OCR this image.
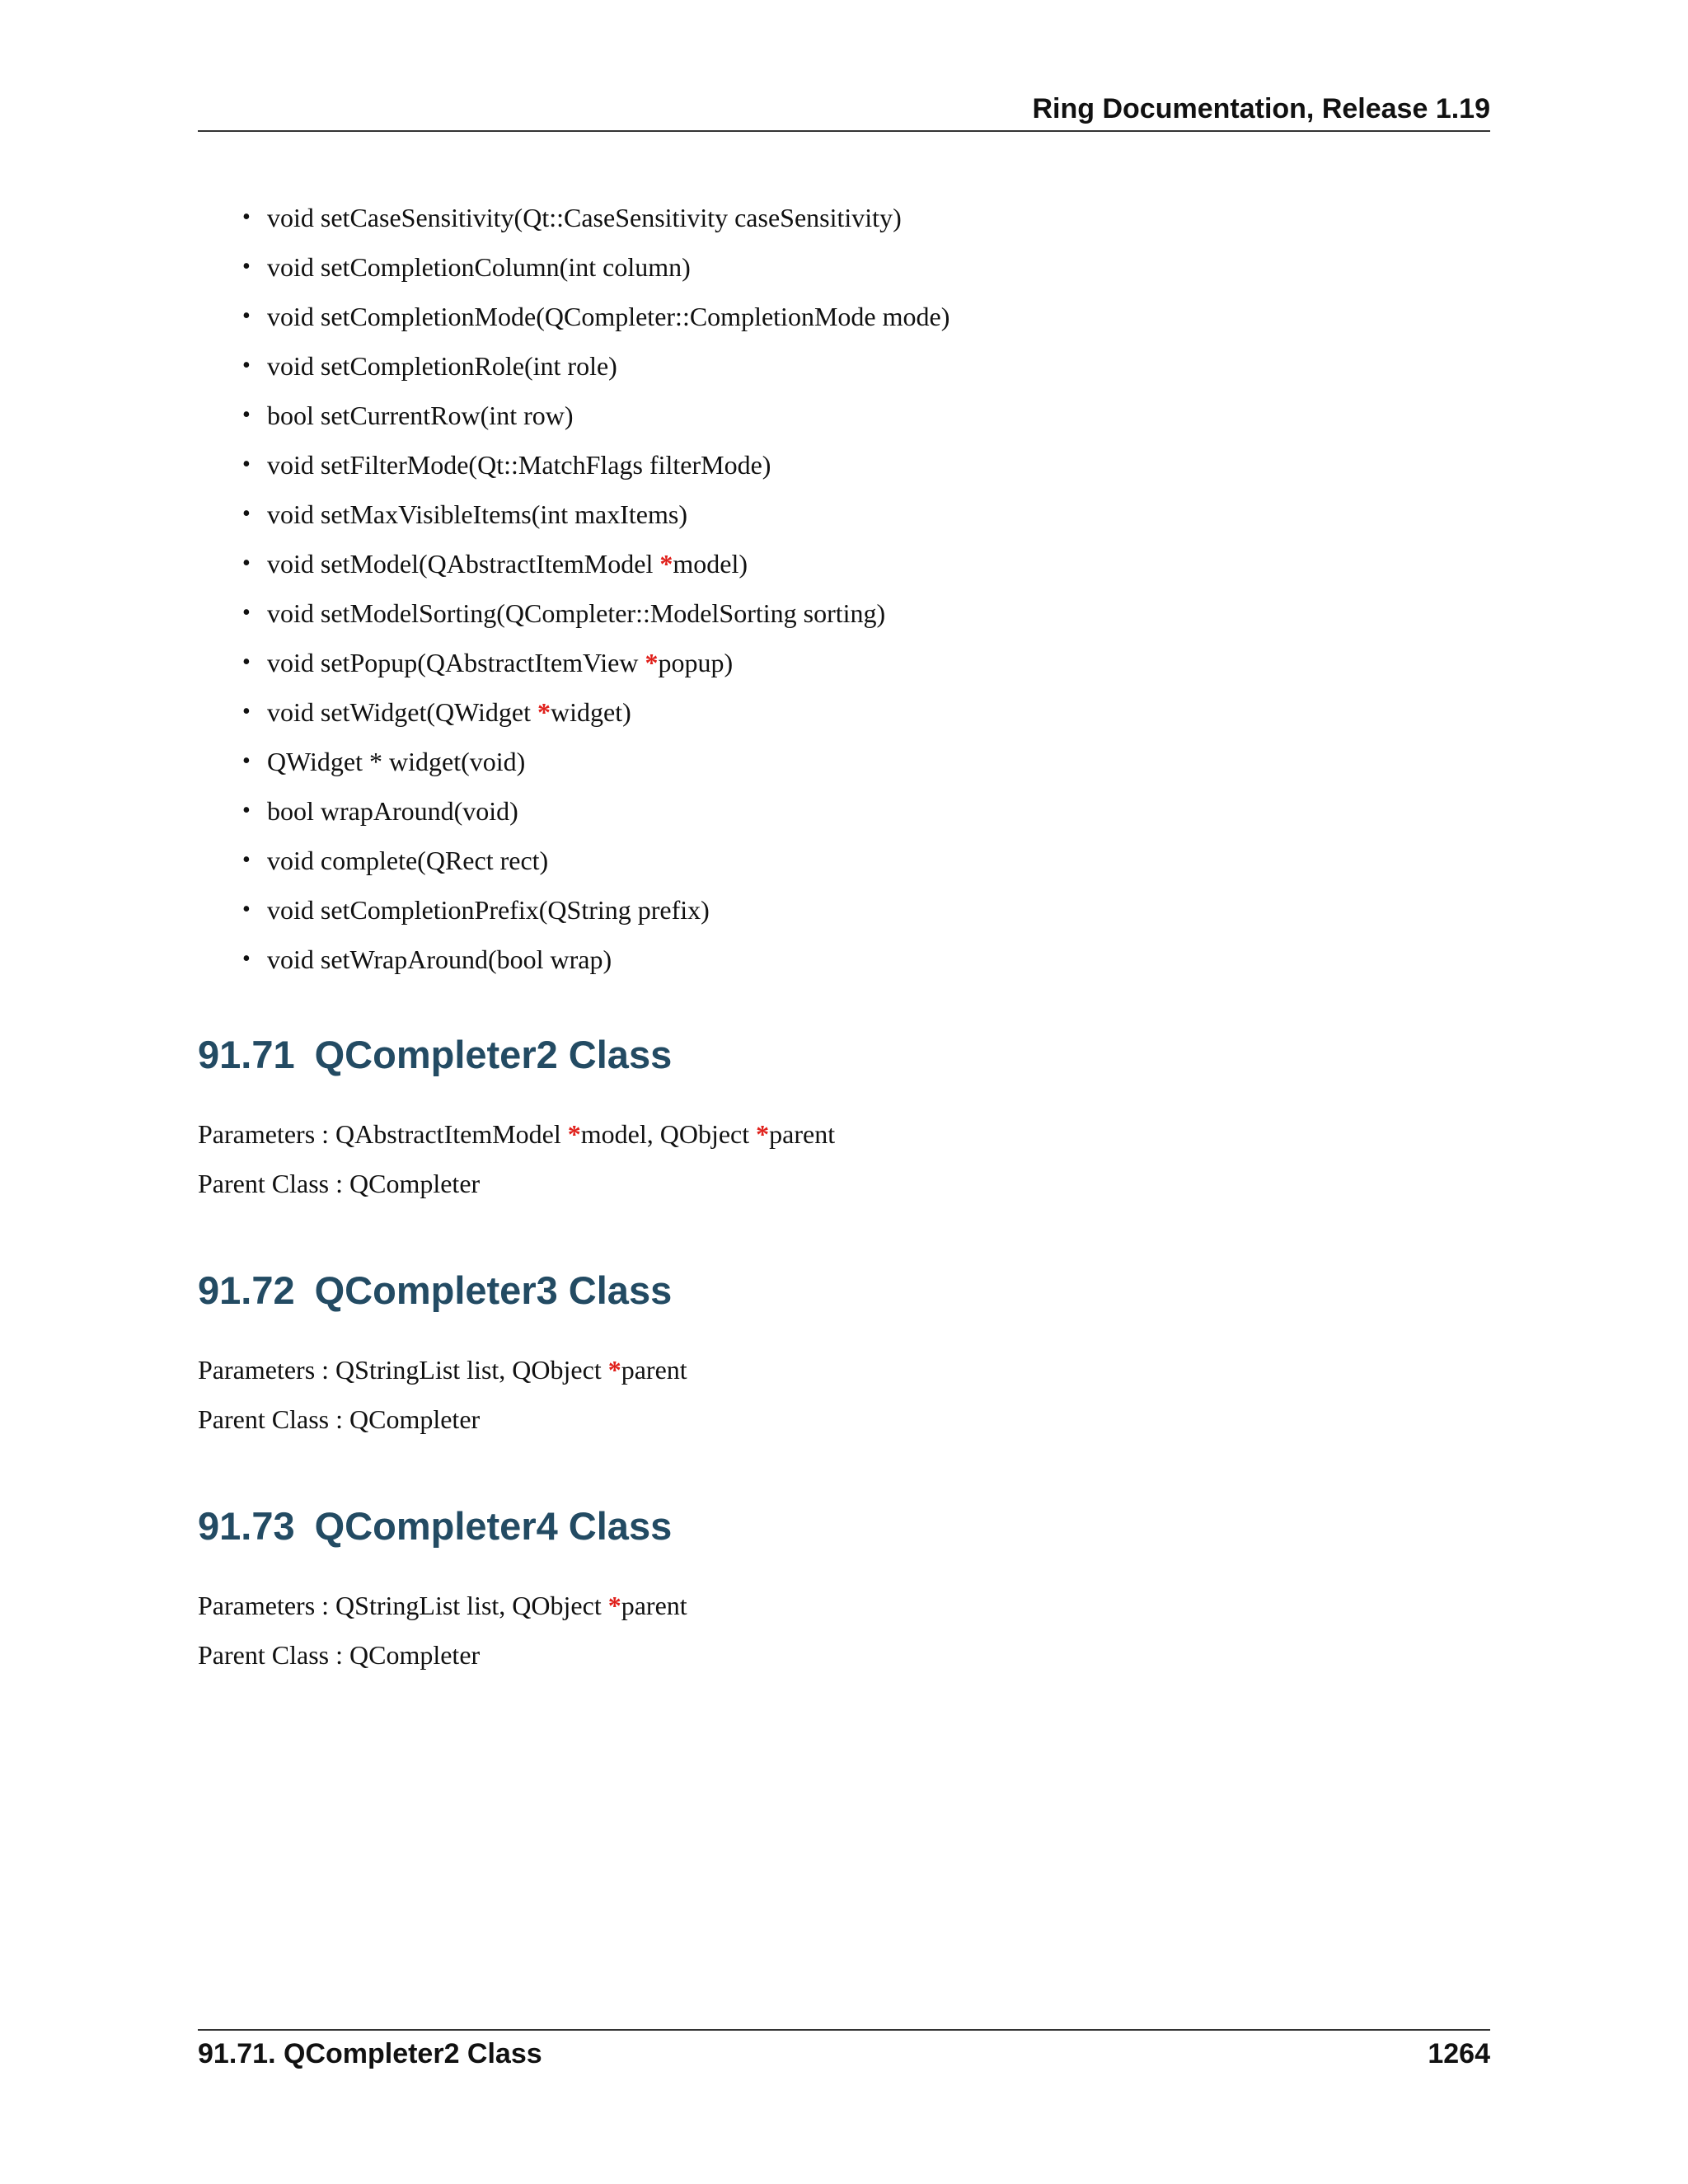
Ring Documentation, Release 1.19
• void setCaseSensitivity(Qt::CaseSensitivity caseSensitivity)
• void setCompletionColumn(int column)
• void setCompletionMode(QCompleter::CompletionMode mode)
• void setCompletionRole(int role)
• bool setCurrentRow(int row)
• void setFilterMode(Qt::MatchFlags filterMode)
• void setMaxVisibleItems(int maxItems)
• void setModel(QAbstractItemModel *model)
• void setModelSorting(QCompleter::ModelSorting sorting)
• void setPopup(QAbstractItemView *popup)
• void setWidget(QWidget *widget)
• QWidget * widget(void)
• bool wrapAround(void)
• void complete(QRect rect)
• void setCompletionPrefix(QString prefix)
• void setWrapAround(bool wrap)
91.71 QCompleter2 Class
Parameters : QAbstractItemModel *model, QObject *parent
Parent Class : QCompleter
91.72 QCompleter3 Class
Parameters : QStringList list, QObject *parent
Parent Class : QCompleter
91.73 QCompleter4 Class
Parameters : QStringList list, QObject *parent
Parent Class : QCompleter
91.71. QCompleter2 Class	1264
